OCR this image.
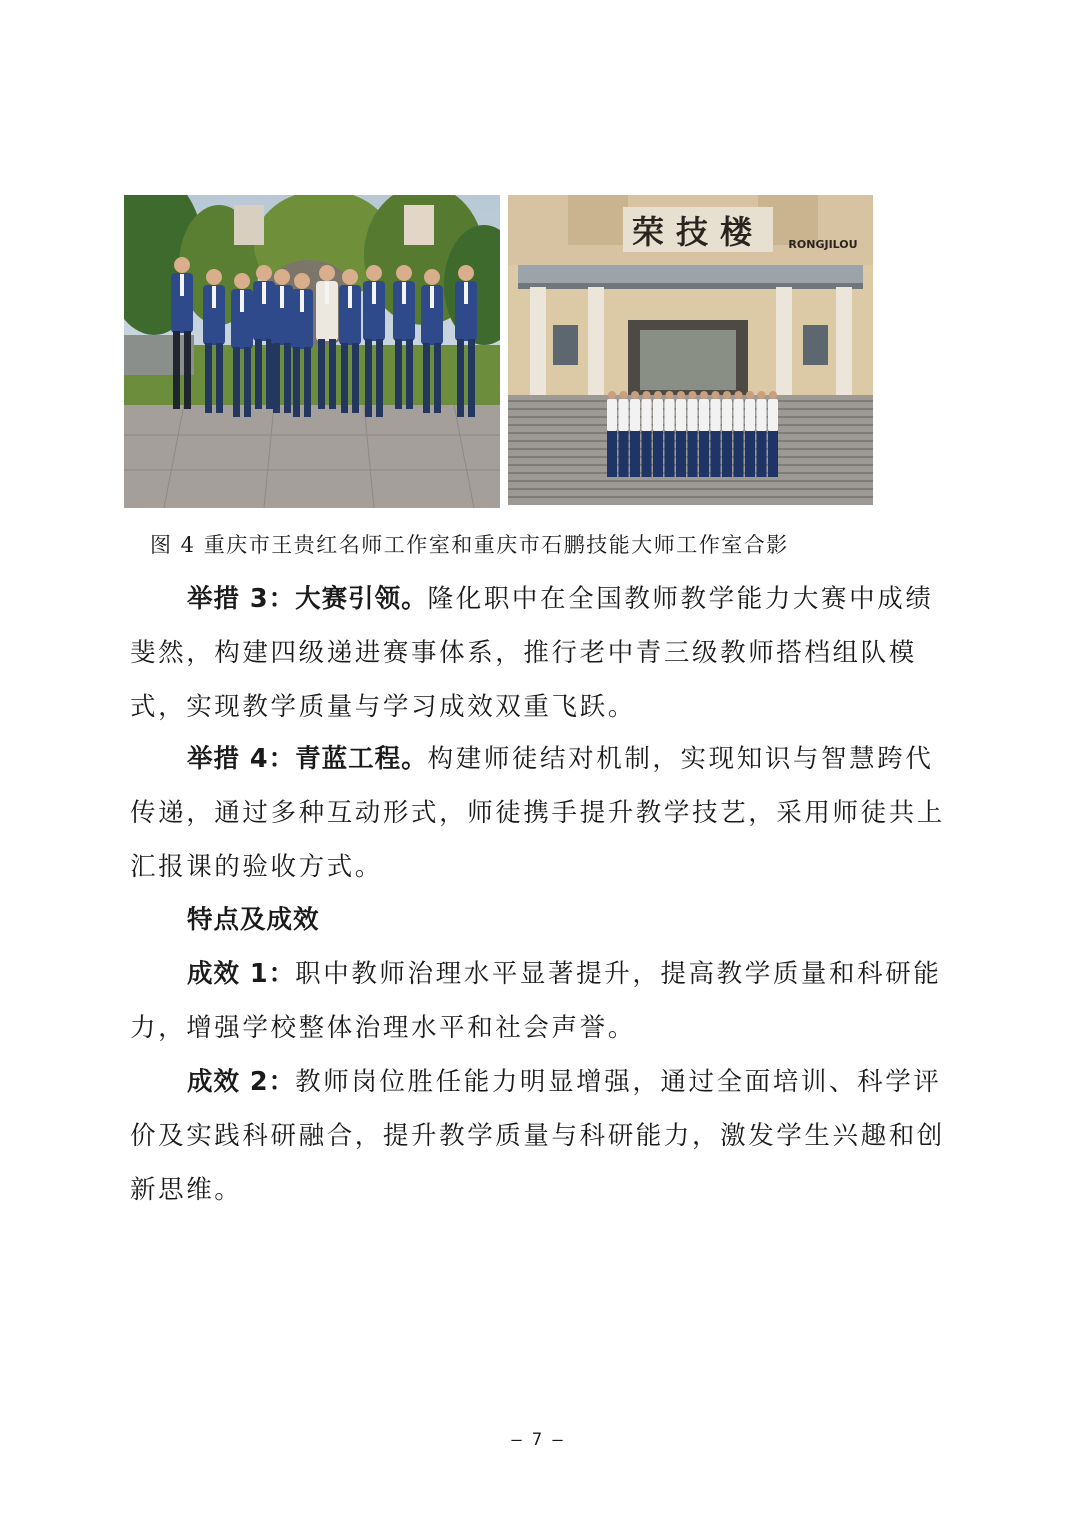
荣技楼 RONGJILOU
图 4 重庆市王贵红名师工作室和重庆市石鹏技能大师工作室合影

举措 3：大赛引领。隆化职中在全国教师教学能力大赛中成绩斐然，构建四级递进赛事体系，推行老中青三级教师搭档组队模式，实现教学质量与学习成效双重飞跃。

举措 4：青蓝工程。构建师徒结对机制，实现知识与智慧跨代传递，通过多种互动形式，师徒携手提升教学技艺，采用师徒共上汇报课的验收方式。

特点及成效

成效 1：职中教师治理水平显著提升，提高教学质量和科研能力，增强学校整体治理水平和社会声誉。

成效 2：教师岗位胜任能力明显增强，通过全面培训、科学评价及实践科研融合，提升教学质量与科研能力，激发学生兴趣和创新思维。

— 7 —
